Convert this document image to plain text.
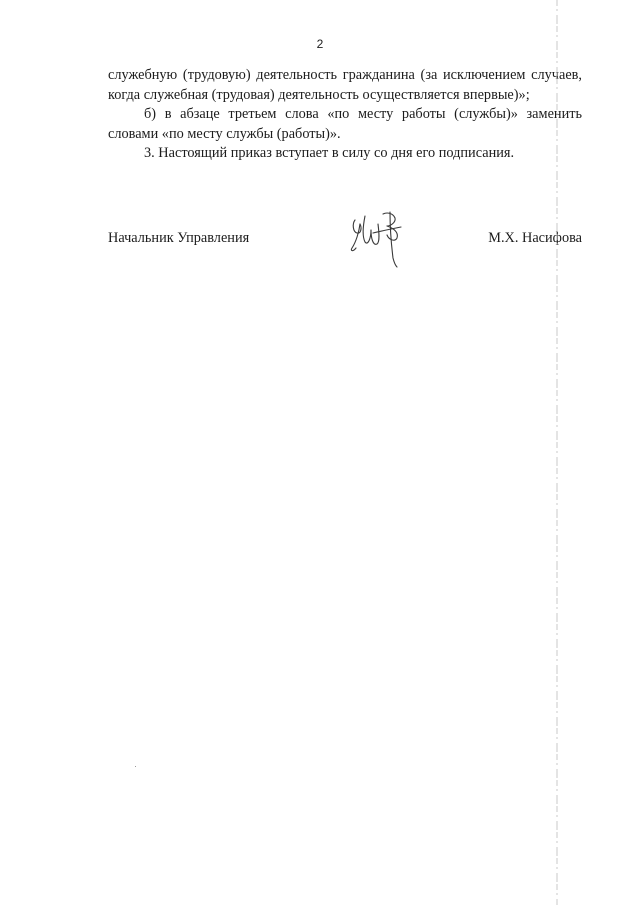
2

служебную (трудовую) деятельность гражданина (за исключением случаев, когда служебная (трудовая) деятельность осуществляется впервые)»;

б) в абзаце третьем слова «по месту работы (службы)» заменить словами «по месту службы (работы)».

3. Настоящий приказ вступает в силу со дня его подписания.

Начальник Управления	М.Х. Насифова
